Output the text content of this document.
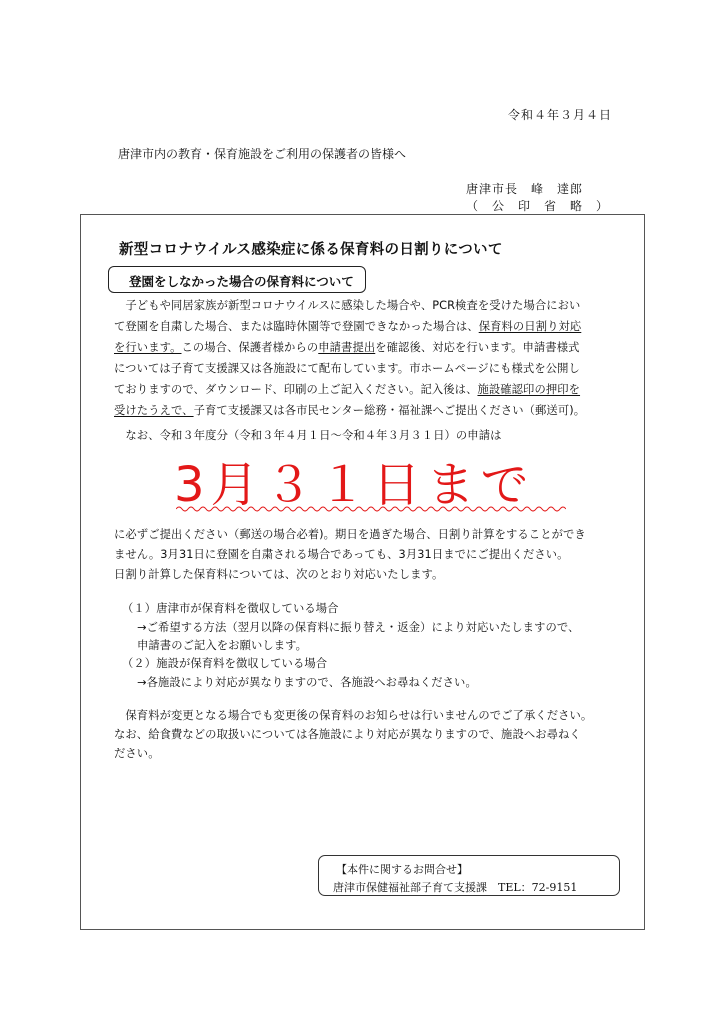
令和４年３月４日
唐津市内の教育・保育施設をご利用の保護者の皆様へ
唐津市長　峰　達郎
（　公　印　省　略　）
新型コロナウイルス感染症に係る保育料の日割りについて
登園をしなかった場合の保育料について
　子どもや同居家族が新型コロナウイルスに感染した場合や、PCR検査を受けた場合におい
て登園を自粛した場合、または臨時休園等で登園できなかった場合は、保育料の日割り対応
を行います。この場合、保護者様からの申請書提出を確認後、対応を行います。申請書様式
については子育て支援課又は各施設にて配布しています。市ホームページにも様式を公開し
ておりますので、ダウンロード、印刷の上ご記入ください。記入後は、施設確認印の押印を
受けたうえで、子育て支援課又は各市民センター総務・福祉課へご提出ください（郵送可)。
　なお、令和３年度分（令和３年４月１日～令和４年３月３１日）の申請は
3月３１日まで
に必ずご提出ください（郵送の場合必着)。期日を過ぎた場合、日割り計算をすることができ
ません。3月31日に登園を自粛される場合であっても、3月31日までにご提出ください。
日割り計算した保育料については、次のとおり対応いたします。
（１）唐津市が保育料を徴収している場合
→ご希望する方法（翌月以降の保育料に振り替え・返金）により対応いたしますので、
申請書のご記入をお願いします。
（２）施設が保育料を徴収している場合
→各施設により対応が異なりますので、各施設へお尋ねください。
　保育料が変更となる場合でも変更後の保育料のお知らせは行いませんのでご了承ください。
なお、給食費などの取扱いについては各施設により対応が異なりますので、施設へお尋ねく
ださい。
【本件に関するお問合せ】
唐津市保健福祉部子育て支援課　TEL：72-9151
